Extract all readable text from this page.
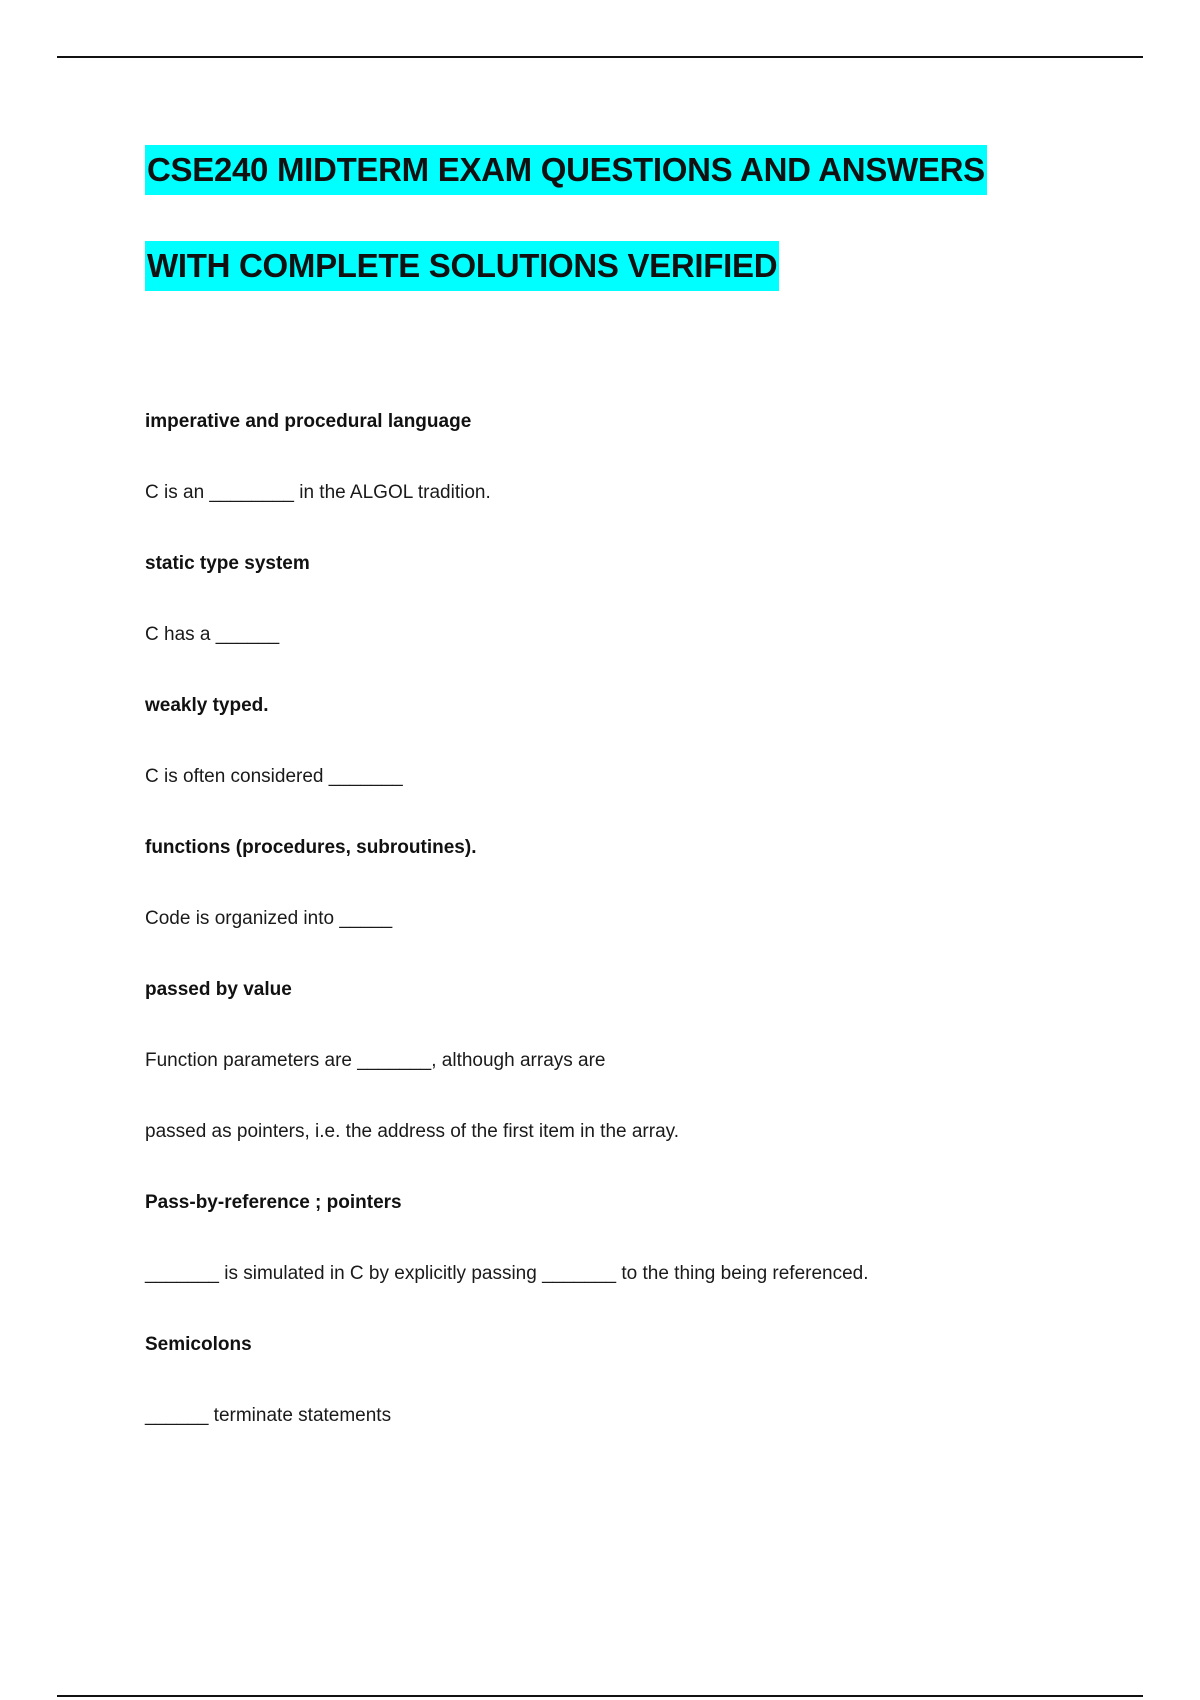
CSE240 MIDTERM EXAM QUESTIONS AND ANSWERS

WITH COMPLETE SOLUTIONS VERIFIED

imperative and procedural language

C is an ________ in the ALGOL tradition.

static type system

C has a ______

weakly typed.

C is often considered _______

functions (procedures, subroutines).

Code is organized into _____

passed by value

Function parameters are _______, although arrays are

passed as pointers, i.e. the address of the first item in the array.

Pass-by-reference ; pointers

_______ is simulated in C by explicitly passing _______ to the thing being referenced.

Semicolons

______ terminate statements
